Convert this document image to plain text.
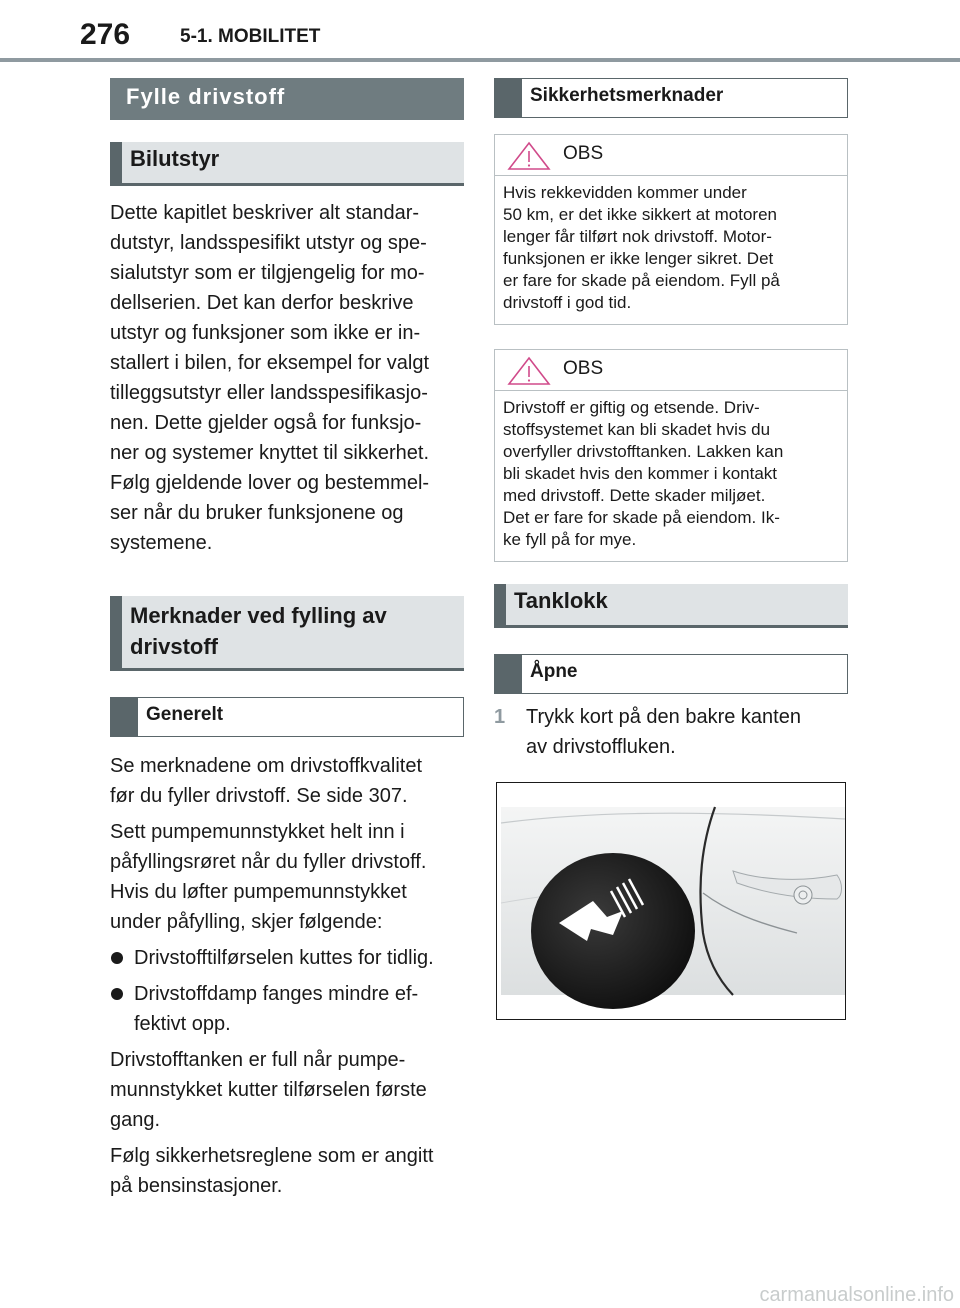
276	5-1. MOBILITET
Fylle drivstoff
Bilutstyr
Dette kapitlet beskriver alt standar-
dutstyr, landsspesifikt utstyr og spe-
sialutstyr som er tilgjengelig for mo-
dellserien. Det kan derfor beskrive
utstyr og funksjoner som ikke er in-
stallert i bilen, for eksempel for valgt
tilleggsutstyr eller landsspesifikasjo-
nen. Dette gjelder også for funksjo-
ner og systemer knyttet til sikkerhet.
Følg gjeldende lover og bestemmel-
ser når du bruker funksjonene og
systemene.
Merknader ved fylling av
drivstoff
Generelt
Se merknadene om drivstoffkvalitet
før du fyller drivstoff. Se side 307.
Sett pumpemunnstykket helt inn i
påfyllingsrøret når du fyller drivstoff.
Hvis du løfter pumpemunnstykket
under påfylling, skjer følgende:
Drivstofftilførselen kuttes for tidlig.
Drivstoffdamp fanges mindre ef-
fektivt opp.
Drivstofftanken er full når pumpe-
munnstykket kutter tilførselen første
gang.
Følg sikkerhetsreglene som er angitt
på bensinstasjoner.
Sikkerhetsmerknader
OBS
Hvis rekkevidden kommer under
50 km, er det ikke sikkert at motoren
lenger får tilført nok drivstoff. Motor-
funksjonen er ikke lenger sikret. Det
er fare for skade på eiendom. Fyll på
drivstoff i god tid.
OBS
Drivstoff er giftig og etsende. Driv-
stoffsystemet kan bli skadet hvis du
overfyller drivstofftanken. Lakken kan
bli skadet hvis den kommer i kontakt
med drivstoff. Dette skader miljøet.
Det er fare for skade på eiendom. Ik-
ke fyll på for mye.
Tanklokk
Åpne
1 Trykk kort på den bakre kanten
av drivstoffluken.
carmanualsonline.info
